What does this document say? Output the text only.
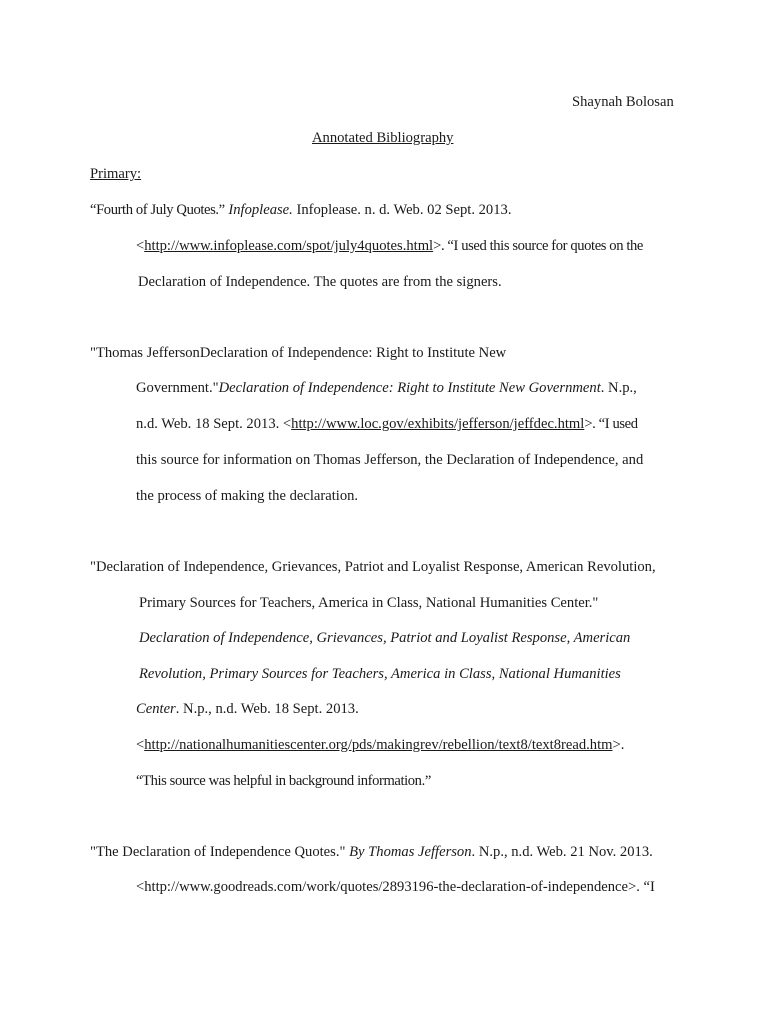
Shaynah Bolosan
Annotated Bibliography
Primary:
“Fourth of July Quotes.” Infoplease. Infoplease. n. d. Web. 02 Sept. 2013.
<http://www.infoplease.com/spot/july4quotes.html>. “I used this source for quotes on the
Declaration of Independence. The quotes are from the signers.
"Thomas JeffersonDeclaration of Independence: Right to Institute New
Government."Declaration of Independence: Right to Institute New Government. N.p.,
n.d. Web. 18 Sept. 2013. <http://www.loc.gov/exhibits/jefferson/jeffdec.html>. “I used
this source for information on Thomas Jefferson, the Declaration of Independence, and
the process of making the declaration.
"Declaration of Independence, Grievances, Patriot and Loyalist Response, American Revolution,
Primary Sources for Teachers, America in Class, National Humanities Center."
Declaration of Independence, Grievances, Patriot and Loyalist Response, American
Revolution, Primary Sources for Teachers, America in Class, National Humanities
Center. N.p., n.d. Web. 18 Sept. 2013.
<http://nationalhumanitiescenter.org/pds/makingrev/rebellion/text8/text8read.htm>.
“This source was helpful in background information.”
"The Declaration of Independence Quotes." By Thomas Jefferson. N.p., n.d. Web. 21 Nov. 2013.
<http://www.goodreads.com/work/quotes/2893196-the-declaration-of-independence>. “I
